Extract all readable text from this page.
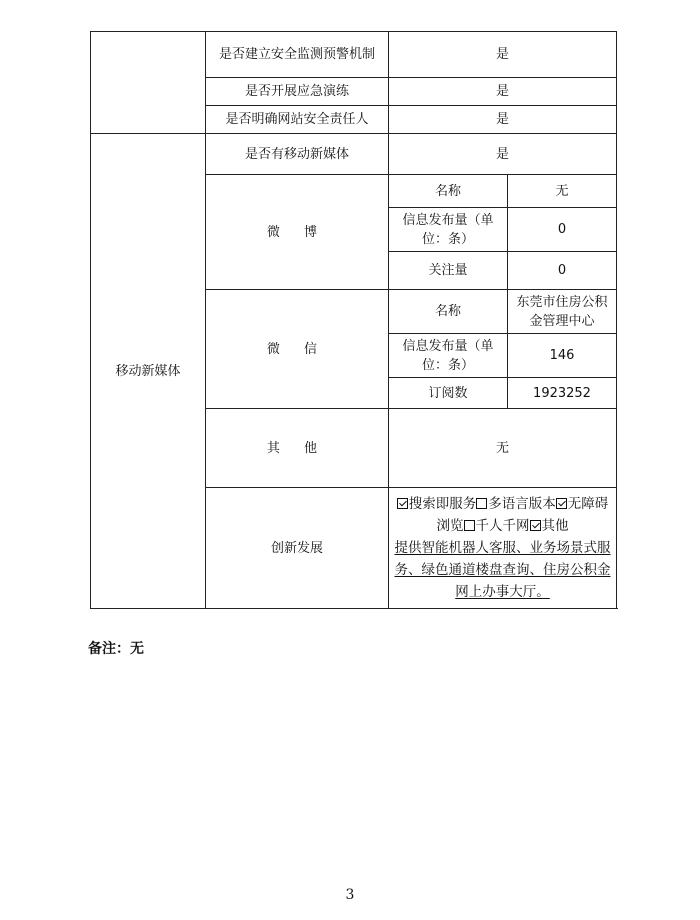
	是否建立安全监测预警机制	是	
	是否开展应急演练	是	
	是否明确网站安全责任人	是	
移动新媒体	是否有移动新媒体	是	
	微 博	名称	无
		信息发布量（单位：条）	0
		关注量	0
	微 信	名称	东莞市住房公积金管理中心
		信息发布量（单位：条）	146
		订阅数	1923252
	其 他	无	
	创新发展	搜索即服务 多语言版本 无障碍浏览 千人千网 其他
提供智能机器人客服、业务场景式服务、绿色通道楼盘查询、住房公积金网上办事大厅。	
备注：无
3
